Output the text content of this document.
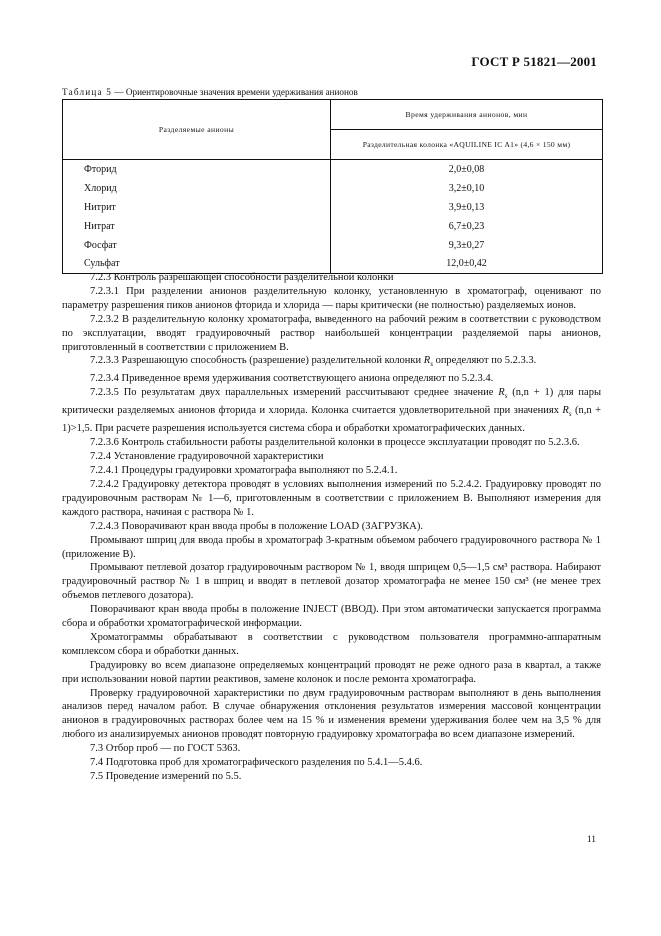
ГОСТ Р 51821—2001
Таблица 5 — Ориентировочные значения времени удерживания анионов
Разделяемые анионы	Время удерживания анионов, мин
	Разделительная колонка «AQUILINE IC A1» (4,6 × 150 мм)
Фторид	2,0±0,08
Хлорид	3,2±0,10
Нитрит	3,9±0,13
Нитрат	6,7±0,23
Фосфат	9,3±0,27
Сульфат	12,0±0,42

7.2.3 Контроль разрешающей способности разделительной колонки

7.2.3.1 При разделении анионов разделительную колонку, установленную в хроматограф, оценивают по параметру разрешения пиков анионов фторида и хлорида — пары критически (не полностью) разделяемых ионов.

7.2.3.2 В разделительную колонку хроматографа, выведенного на рабочий режим в соответствии с руководством по эксплуатации, вводят градуировочный раствор наибольшей концентрации разделяемой пары анионов, приготовленный в соответствии с приложением В.

7.2.3.3 Разрешающую способность (разрешение) разделительной колонки $R_s$ определяют по 5.2.3.3.

7.2.3.4 Приведенное время удерживания соответствующего аниона определяют по 5.2.3.4.

7.2.3.5 По результатам двух параллельных измерений рассчитывают среднее значение $R_s$ (n,n + 1) для пары критически разделяемых анионов фторида и хлорида. Колонка считается удовлетворительной при значениях $R_s$ (n,n + 1)>1,5. При расчете разрешения используется система сбора и обработки хроматографических данных.

7.2.3.6 Контроль стабильности работы разделительной колонки в процессе эксплуатации проводят по 5.2.3.6.

7.2.4 Установление градуировочной характеристики

7.2.4.1 Процедуры градуировки хроматографа выполняют по 5.2.4.1.

7.2.4.2 Градуировку детектора проводят в условиях выполнения измерений по 5.2.4.2. Градуировку проводят по градуировочным растворам № 1—6, приготовленным в соответствии с приложением В. Выполняют измерения для каждого раствора, начиная с раствора № 1.

7.2.4.3 Поворачивают кран ввода пробы в положение LOAD (ЗАГРУЗКА).

Промывают шприц для ввода пробы в хроматограф 3-кратным объемом рабочего градуировочного раствора № 1 (приложение В).

Промывают петлевой дозатор градуировочным раствором № 1, вводя шприцем 0,5—1,5 см³ раствора. Набирают градуировочный раствор № 1 в шприц и вводят в петлевой дозатор хроматографа не менее 150 см³ (не менее трех объемов петлевого дозатора).

Поворачивают кран ввода пробы в положение INJECT (ВВОД). При этом автоматически запускается программа сбора и обработки хроматографической информации.

Хроматограммы обрабатывают в соответствии с руководством пользователя программно-аппаратным комплексом сбора и обработки данных.

Градуировку во всем диапазоне определяемых концентраций проводят не реже одного раза в квартал, а также при использовании новой партии реактивов, замене колонок и после ремонта хроматографа.

Проверку градуировочной характеристики по двум градуировочным растворам выполняют в день выполнения анализов перед началом работ. В случае обнаружения отклонения результатов измерения массовой концентрации анионов в градуировочных растворах более чем на 15 % и изменения времени удерживания более чем на 3,5 % для любого из анализируемых анионов проводят повторную градуировку хроматографа во всем диапазоне измерений.

7.3 Отбор проб — по ГОСТ 5363.

7.4 Подготовка проб для хроматографического разделения по 5.4.1—5.4.6.

7.5 Проведение измерений по 5.5.

11
